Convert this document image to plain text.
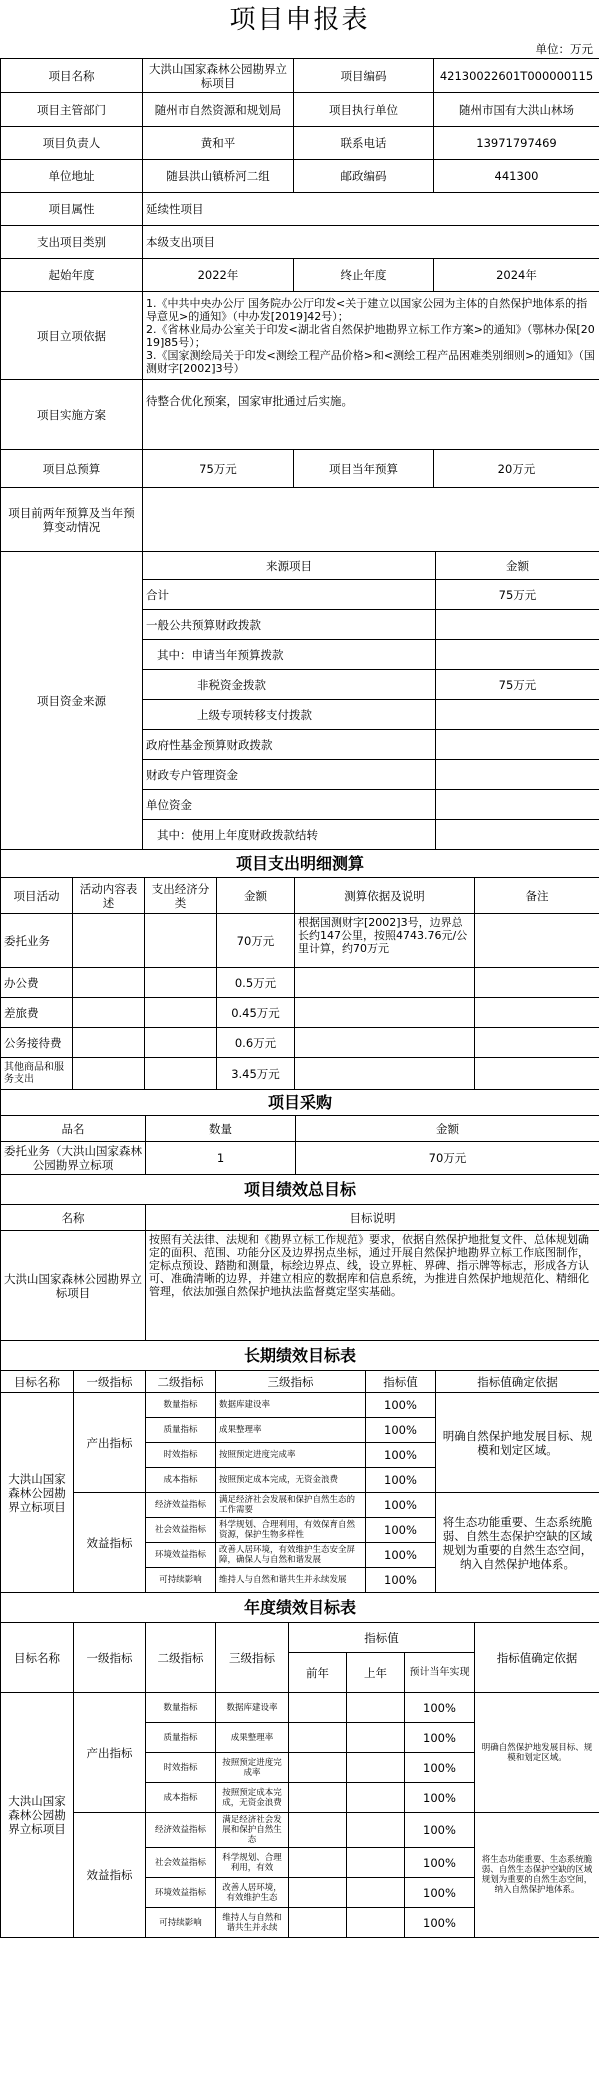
项目申报表
单位：万元
项目名称	大洪山国家森林公园勘界立标项目	项目编码	42130022601T000000115
项目主管部门	随州市自然资源和规划局	项目执行单位	随州市国有大洪山林场
项目负责人	黄和平	联系电话	13971797469
单位地址	随县洪山镇桥河二组	邮政编码	441300
项目属性	延续性项目		
支出项目类别	本级支出项目		
起始年度	2022年	终止年度	2024年
项目立项依据	1.《中共中央办公厅 国务院办公厅印发<关于建立以国家公园为主体的自然保护地体系的指导意见>的通知》（中办发[2019]42号）；
2.《省林业局办公室关于印发<湖北省自然保护地勘界立标工作方案>的通知》（鄂林办保[2019]85号）；
3.《国家测绘局关于印发<测绘工程产品价格>和<测绘工程产品困难类别细则>的通知》（国测财字[2002]3号）		
项目实施方案	待整合优化预案，国家审批通过后实施。		
项目总预算	75万元	项目当年预算	20万元
项目前两年预算及当年预算变动情况			
项目资金来源	来源项目	金额
	合计	75万元
	一般公共预算财政拨款	
	其中：申请当年预算拨款	
	非税资金拨款	75万元
	上级专项转移支付拨款	
	政府性基金预算财政拨款	
	财政专户管理资金	
	单位资金	
	其中：使用上年度财政拨款结转	
项目支出明细测算					
项目活动	活动内容表述	支出经济分类	金额	测算依据及说明	备注
委托业务			70万元	根据国测财字[2002]3号，边界总长约147公里，按照4743.76元/公里计算，约70万元	
办公费			0.5万元		
差旅费			0.45万元		
公务接待费			0.6万元		
其他商品和服务支出			3.45万元		
项目采购		
品名	数量	金额
委托业务（大洪山国家森林公园勘界立标项	1	70万元
项目绩效总目标	
名称	目标说明
大洪山国家森林公园勘界立标项目	按照有关法律、法规和《勘界立标工作规范》要求，依据自然保护地批复文件、总体规划确定的面积、范围、功能分区及边界拐点坐标，通过开展自然保护地勘界立标工作底图制作，定标点预设、踏勘和测量，标绘边界点、线，设立界桩、界碑、指示牌等标志，形成各方认可、准确清晰的边界，并建立相应的数据库和信息系统，为推进自然保护地规范化、精细化管理，依法加强自然保护地执法监督奠定坚实基础。
长期绩效目标表					
目标名称	一级指标	二级指标	三级指标	指标值	指标值确定依据
大洪山国家森林公园勘界立标项目	产出指标	数量指标	数据库建设率	100%	明确自然保护地发展目标、规模和划定区域。
		质量指标	成果整理率	100%	
		时效指标	按照预定进度完成率	100%	
		成本指标	按照预定成本完成，无资金浪费	100%	
	效益指标	经济效益指标	满足经济社会发展和保护自然生态的工作需要	100%	将生态功能重要、生态系统脆弱、自然生态保护空缺的区域规划为重要的自然生态空间，纳入自然保护地体系。
		社会效益指标	科学规划、合理利用，有效保育自然资源，保护生物多样性	100%	
		环境效益指标	改善人居环境，有效维护生态安全屏障，确保人与自然和谐发展	100%	
		可持续影响	维持人与自然和谐共生并永续发展	100%	
年度绩效目标表							
目标名称	一级指标	二级指标	三级指标	指标值			指标值确定依据
				前年	上年	预计当年实现	
大洪山国家森林公园勘界立标项目	产出指标	数量指标	数据库建设率			100%	明确自然保护地发展目标、规模和划定区域。
		质量指标	成果整理率			100%	
		时效指标	按照预定进度完成率			100%	
		成本指标	按照预定成本完成，无资金浪费			100%	
	效益指标	经济效益指标	满足经济社会发展和保护自然生态			100%	将生态功能重要、生态系统脆弱、自然生态保护空缺的区域规划为重要的自然生态空间，纳入自然保护地体系。
		社会效益指标	科学规划、合理利用，有效			100%	
		环境效益指标	改善人居环境，有效维护生态			100%	
		可持续影响	维持人与自然和谐共生并永续			100%	
